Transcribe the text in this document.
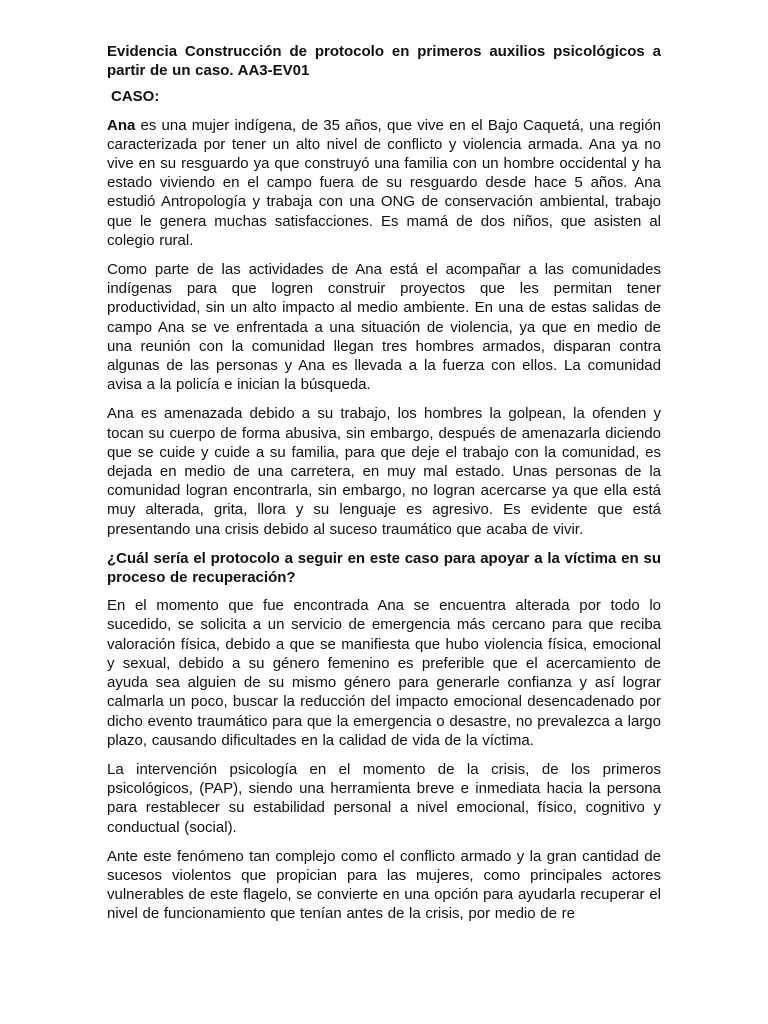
Evidencia Construcción de protocolo en primeros auxilios psicológicos a partir de un caso. AA3-EV01

CASO:

Ana es una mujer indígena, de 35 años, que vive en el Bajo Caquetá, una región caracterizada por tener un alto nivel de conflicto y violencia armada. Ana ya no vive en su resguardo ya que construyó una familia con un hombre occidental y ha estado viviendo en el campo fuera de su resguardo desde hace 5 años. Ana estudió Antropología y trabaja con una ONG de conservación ambiental, trabajo que le genera muchas satisfacciones. Es mamá de dos niños, que asisten al colegio rural.

Como parte de las actividades de Ana está el acompañar a las comunidades indígenas para que logren construir proyectos que les permitan tener productividad, sin un alto impacto al medio ambiente. En una de estas salidas de campo Ana se ve enfrentada a una situación de violencia, ya que en medio de una reunión con la comunidad llegan tres hombres armados, disparan contra algunas de las personas y Ana es llevada a la fuerza con ellos. La comunidad avisa a la policía e inician la búsqueda.

Ana es amenazada debido a su trabajo, los hombres la golpean, la ofenden y tocan su cuerpo de forma abusiva, sin embargo, después de amenazarla diciendo que se cuide y cuide a su familia, para que deje el trabajo con la comunidad, es dejada en medio de una carretera, en muy mal estado. Unas personas de la comunidad logran encontrarla, sin embargo, no logran acercarse ya que ella está muy alterada, grita, llora y su lenguaje es agresivo. Es evidente que está presentando una crisis debido al suceso traumático que acaba de vivir.

¿Cuál sería el protocolo a seguir en este caso para apoyar a la víctima en su proceso de recuperación?

En el momento que fue encontrada Ana se encuentra alterada por todo lo sucedido, se solicita a un servicio de emergencia más cercano para que reciba valoración física, debido a que se manifiesta que hubo violencia física, emocional y sexual, debido a su género femenino es preferible que el acercamiento de ayuda sea alguien de su mismo género para generarle confianza y así lograr calmarla un poco, buscar la reducción del impacto emocional desencadenado por dicho evento traumático para que la emergencia o desastre, no prevalezca a largo plazo, causando dificultades en la calidad de vida de la víctima.

La intervención psicología en el momento de la crisis, de los primeros psicológicos, (PAP), siendo una herramienta breve e inmediata hacia la persona para restablecer su estabilidad personal a nivel emocional, físico, cognitivo y conductual (social).

Ante este fenómeno tan complejo como el conflicto armado y la gran cantidad de sucesos violentos que propician para las mujeres, como principales actores vulnerables de este flagelo, se convierte en una opción para ayudarla recuperar el nivel de funcionamiento que tenían antes de la crisis, por medio de re
